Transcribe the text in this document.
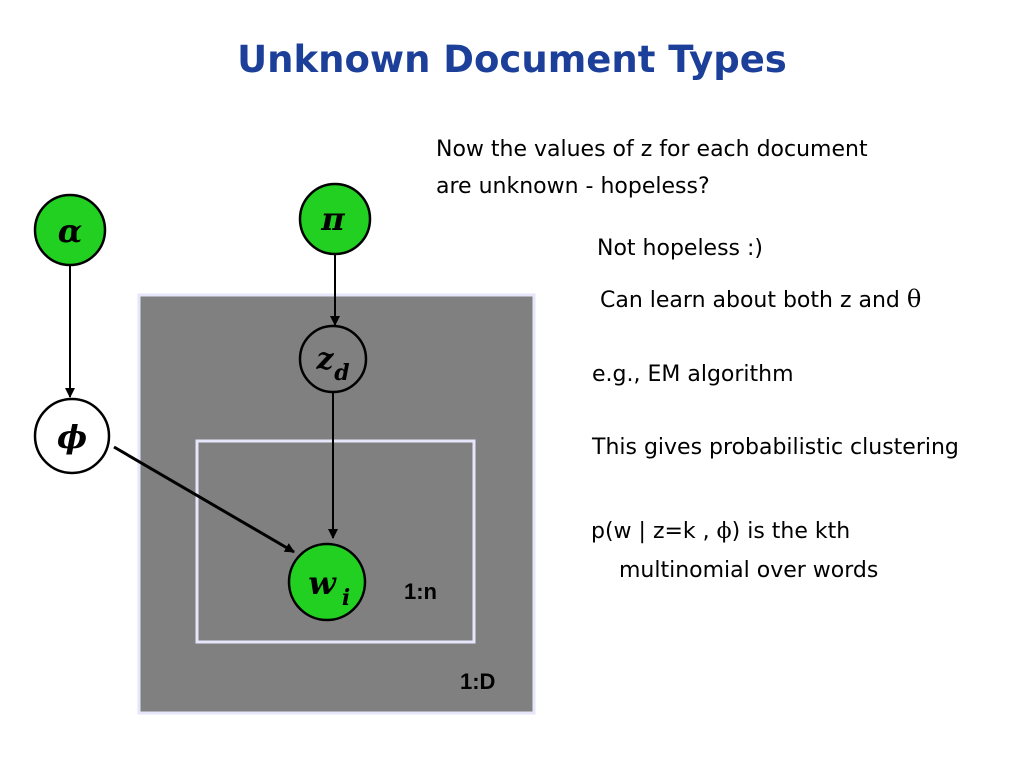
Unknown Document Types
1:D
1:n
α	π
z d
ϕ
w i
Now the values of z for each document
are unknown - hopeless?
Not hopeless :)
Can learn about both z and θ
e.g., EM algorithm
This gives probabilistic clustering
p(w | z=k , ϕ) is the kth
multinomial over words
